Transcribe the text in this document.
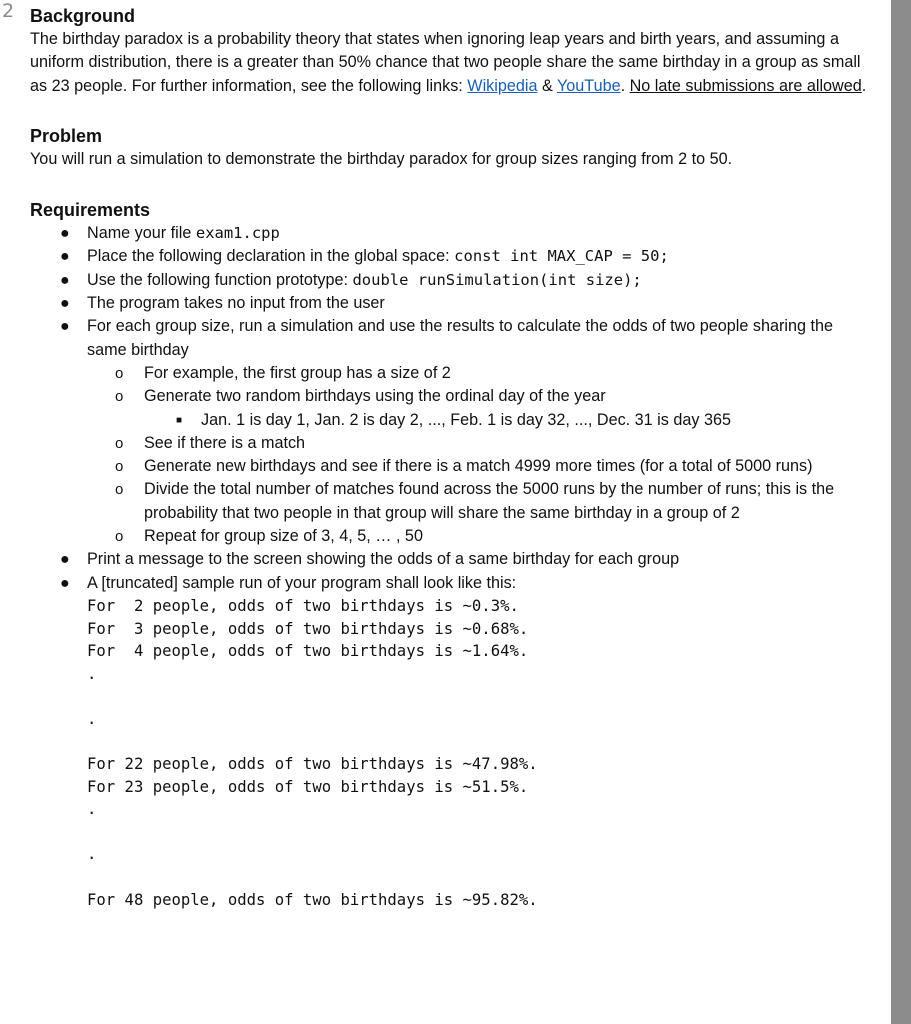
2 Background

The birthday paradox is a probability theory that states when ignoring leap years and birth years, and assuming a uniform distribution, there is a greater than 50% chance that two people share the same birthday in a group as small as 23 people. For further information, see the following links: Wikipedia & YouTube. No late submissions are allowed.

Problem

You will run a simulation to demonstrate the birthday paradox for group sizes ranging from 2 to 50.

Requirements
● Name your file exam1.cpp
● Place the following declaration in the global space: const int MAX_CAP = 50;
● Use the following function prototype: double runSimulation(int size);
● The program takes no input from the user
● For each group size, run a simulation and use the results to calculate the odds of two people sharing the same birthday
o For example, the first group has a size of 2
o Generate two random birthdays using the ordinal day of the year
■ Jan. 1 is day 1, Jan. 2 is day 2, ..., Feb. 1 is day 32, ..., Dec. 31 is day 365
o See if there is a match
o Generate new birthdays and see if there is a match 4999 more times (for a total of 5000 runs)
o Divide the total number of matches found across the 5000 runs by the number of runs; this is the probability that two people in that group will share the same birthday in a group of 2
o Repeat for group size of 3, 4, 5, … , 50
● Print a message to the screen showing the odds of a same birthday for each group
● A [truncated] sample run of your program shall look like this:
For  2 people, odds of two birthdays is ~0.3%.
For  3 people, odds of two birthdays is ~0.68%.
For  4 people, odds of two birthdays is ~1.64%.
.

.

For 22 people, odds of two birthdays is ~47.98%.
For 23 people, odds of two birthdays is ~51.5%.
.

.

For 48 people, odds of two birthdays is ~95.82%.
